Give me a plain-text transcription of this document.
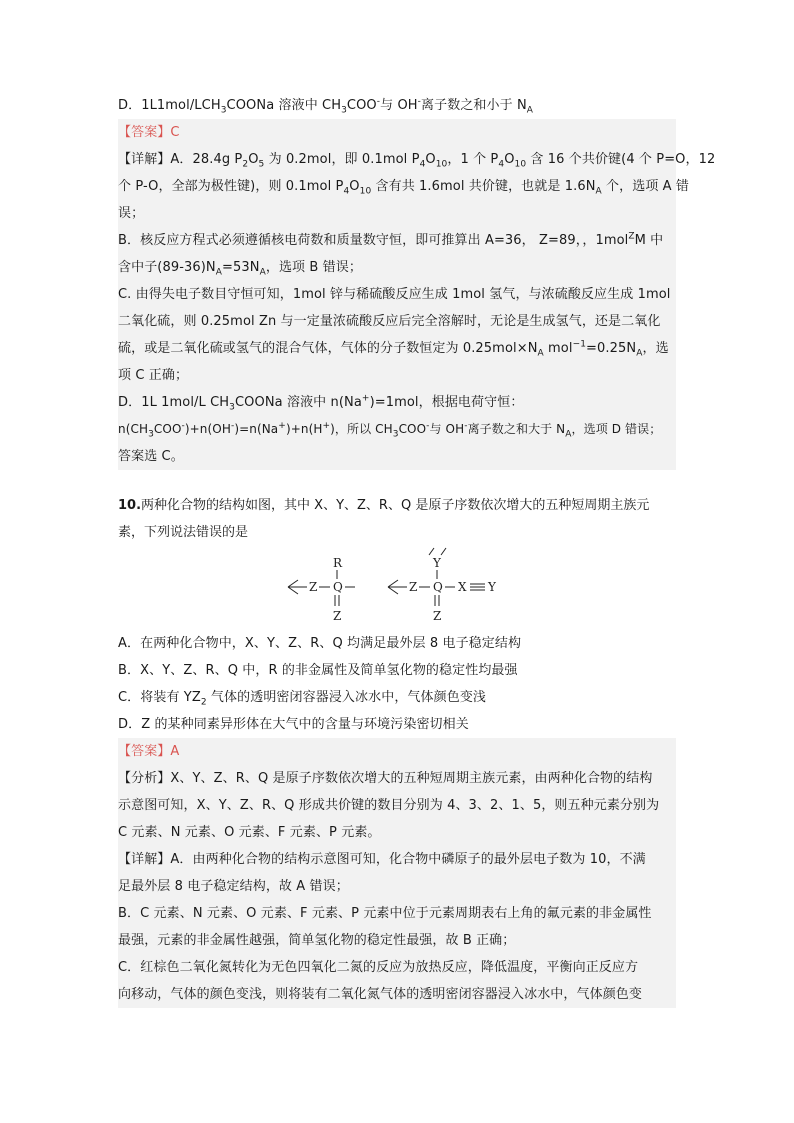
D．$1L1mol/LCH_3COONa$ 溶液中 $CH_3COO^-$与 OH-离子数之和小于 $N_A$
【答案】C
【详解】A．28.4g $P_2O_5$ 为 0.2mol，即 0.1mol $P_4O_{10}$，1 个 $P_4O_{10}$ 含 16 个共价键(4 个 P=O，12
个 P-O，全部为极性键)，则 0.1mol $P_4O_{10}$ 含有共 1.6mol 共价键，也就是 $1.6N_A$ 个，选项 A 错
误；
B．核反应方程式必须遵循核电荷数和质量数守恒，即可推算出 A=36， Z=89，，1mol$^Z$M 中
含中子$(89-36)N_A=53N_A$，选项 B 错误；
C. 由得失电子数目守恒可知，1mol 锌与稀硫酸反应生成 1mol 氢气，与浓硫酸反应生成 1mol
二氧化硫，则 0.25mol Zn 与一定量浓硫酸反应后完全溶解时，无论是生成氢气，还是二氧化
硫，或是二氧化硫或氢气的混合气体，气体的分子数恒定为 $0.25mol\times N_A$ $mol^{-1}=0.25N_A$，选
项 C 正确；
D．1L 1mol/L $CH_3COONa$ 溶液中 n(Na+)=1mol，根据电荷守恒：
$n(CH_3COO^-)+n(OH^-)=n(Na^+)+n(H^+)$，所以 $CH_3COO^-$与 OH-离子数之和大于 $N_A$，选项 D 错误；
答案选 C。
10.两种化合物的结构如图，其中 X、Y、Z、R、Q 是原子序数依次增大的五种短周期主族元
素，下列说法错误的是
Z Q
R
Z
Z Q
Y
X Y
Z
A．在两种化合物中，X、Y、Z、R、Q 均满足最外层 8 电子稳定结构
B．X、Y、Z、R、Q 中，R 的非金属性及简单氢化物的稳定性均最强
C．将装有 $YZ_2$ 气体的透明密闭容器浸入冰水中，气体颜色变浅
D．Z 的某种同素异形体在大气中的含量与环境污染密切相关
【答案】A
【分析】X、Y、Z、R、Q 是原子序数依次增大的五种短周期主族元素，由两种化合物的结构
示意图可知，X、Y、Z、R、Q 形成共价键的数目分别为 4、3、2、1、5，则五种元素分别为
C 元素、N 元素、O 元素、F 元素、P 元素。
【详解】A．由两种化合物的结构示意图可知，化合物中磷原子的最外层电子数为 10，不满
足最外层 8 电子稳定结构，故 A 错误；
B．C 元素、N 元素、O 元素、F 元素、P 元素中位于元素周期表右上角的氟元素的非金属性
最强，元素的非金属性越强，简单氢化物的稳定性最强，故 B 正确；
C．红棕色二氧化氮转化为无色四氧化二氮的反应为放热反应，降低温度，平衡向正反应方
向移动，气体的颜色变浅，则将装有二氧化氮气体的透明密闭容器浸入冰水中，气体颜色变
